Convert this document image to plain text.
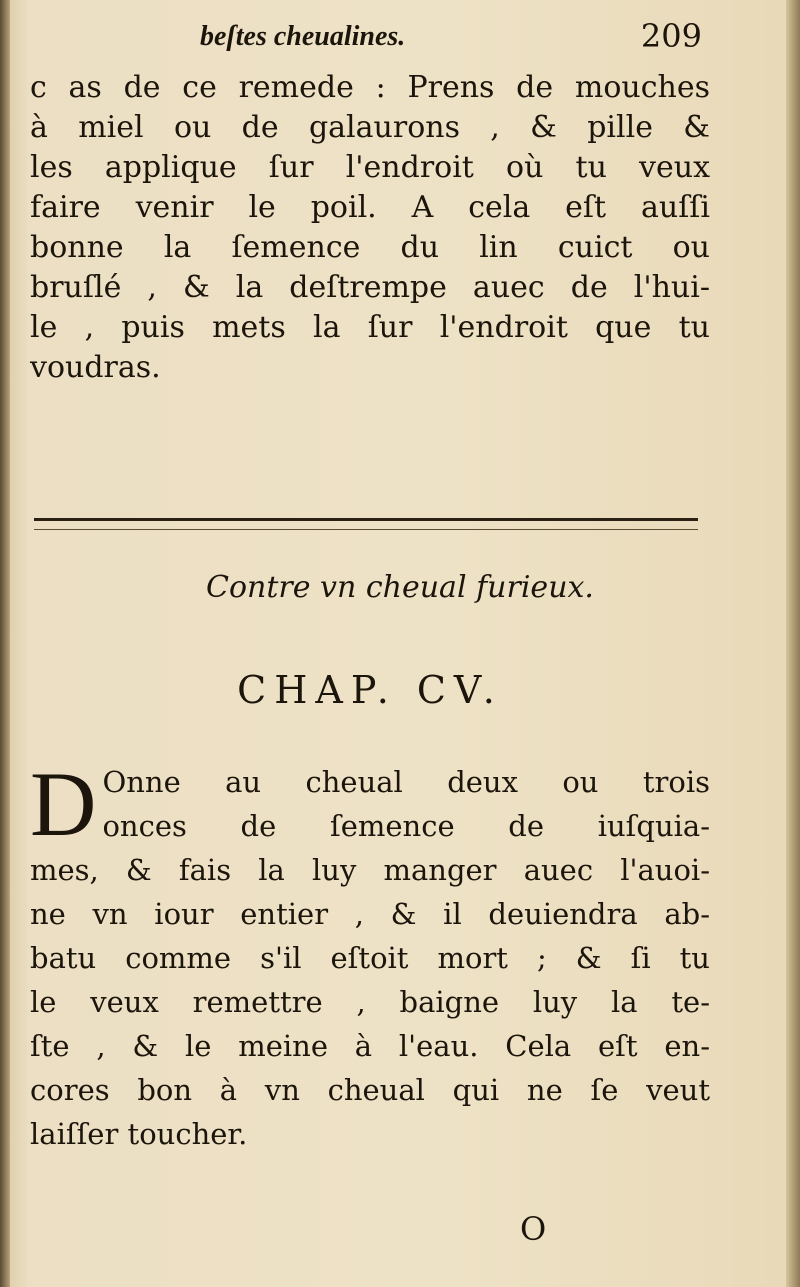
beſtes cheualines.	209
c as de ce remede : Prens de mouches
à miel ou de galaurons , & pille &
les applique ſur l'endroit où tu veux
faire venir le poil. A cela eſt auſſi
bonne la ſemence du lin cuict ou
bruſlé , & la deſtrempe auec de l'hui-
le , puis mets la ſur l'endroit que tu
voudras.
Contre vn cheual furieux.
CHAP. CV.
D Onne au cheual deux ou trois
onces de ſemence de iuſquia-
mes, & fais la luy manger auec l'auoi-
ne vn iour entier , & il deuiendra ab-
batu comme s'il eſtoit mort ; & ſi tu
le veux remettre , baigne luy la te-
ſte , & le meine à l'eau. Cela eſt en-
cores bon à vn cheual qui ne ſe veut
laiſſer toucher.
O
